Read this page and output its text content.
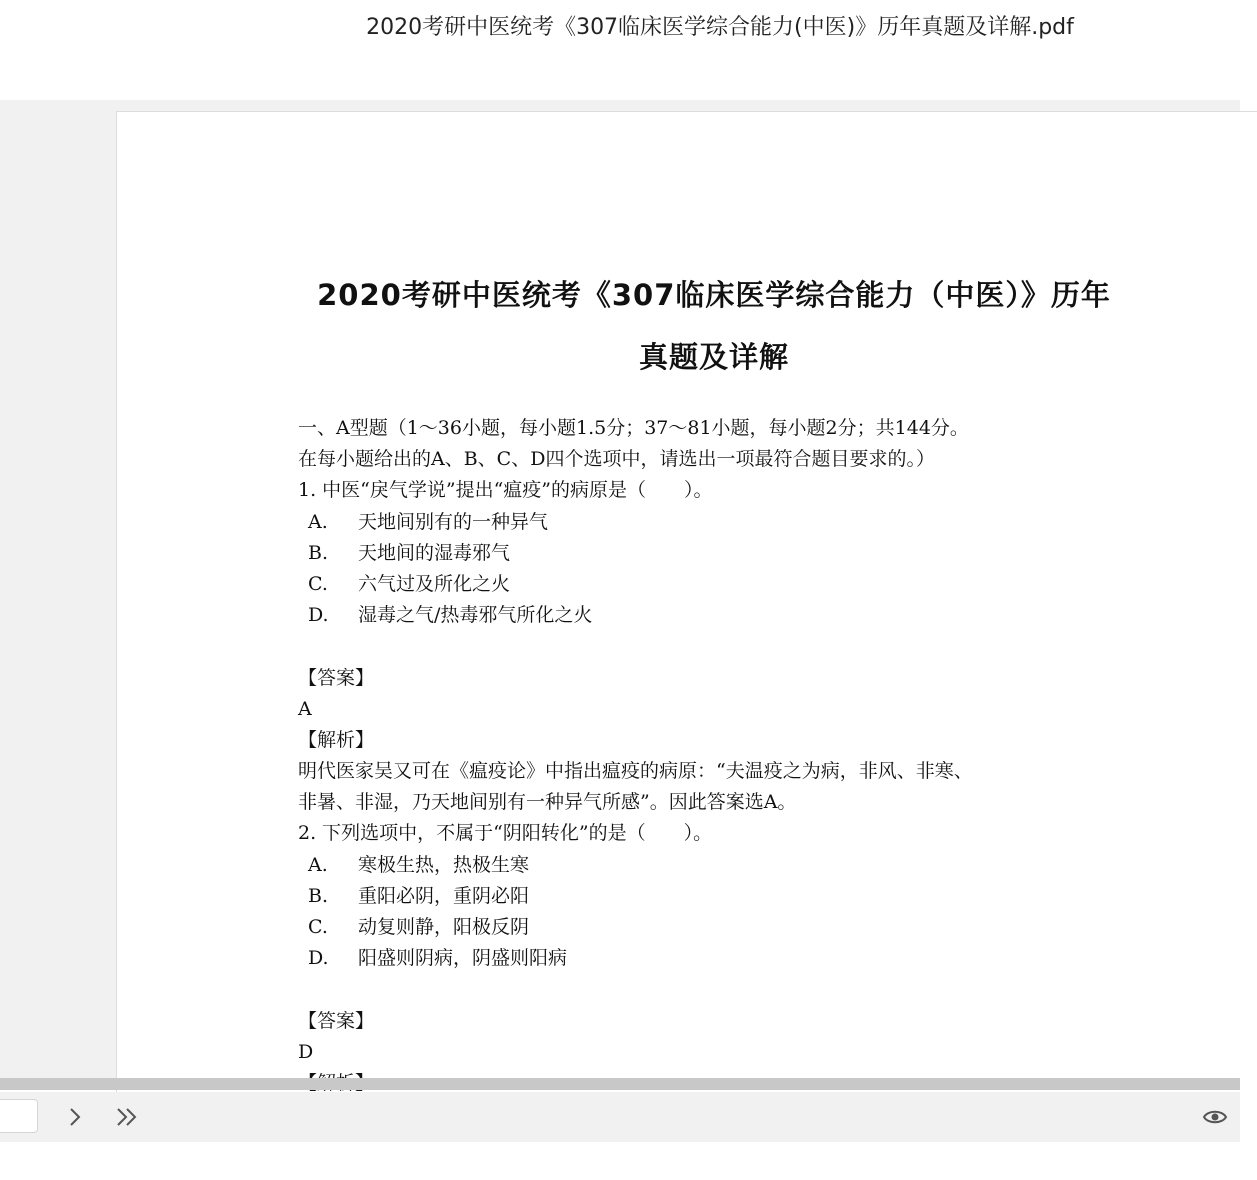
2020考研中医统考《307临床医学综合能力(中医)》历年真题及详解.pdf
2020考研中医统考《307临床医学综合能力（中医）》历年
真题及详解
一、A型题（1～36小题，每小题1.5分；37～81小题，每小题2分；共144分。
在每小题给出的A、B、C、D四个选项中，请选出一项最符合题目要求的。）
1. 中医“戾气学说”提出“瘟疫”的病原是（　　）。
A. 天地间别有的一种异气
B. 天地间的湿毒邪气
C. 六气过及所化之火
D. 湿毒之气/热毒邪气所化之火
【答案】
A
【解析】
明代医家吴又可在《瘟疫论》中指出瘟疫的病原：“夫温疫之为病，非风、非寒、
非暑、非湿，乃天地间别有一种异气所感”。因此答案选A。
2. 下列选项中，不属于“阴阳转化”的是（　　）。
A. 寒极生热，热极生寒
B. 重阳必阴，重阴必阳
C. 动复则静，阳极反阴
D. 阳盛则阴病，阴盛则阳病
【答案】
D
